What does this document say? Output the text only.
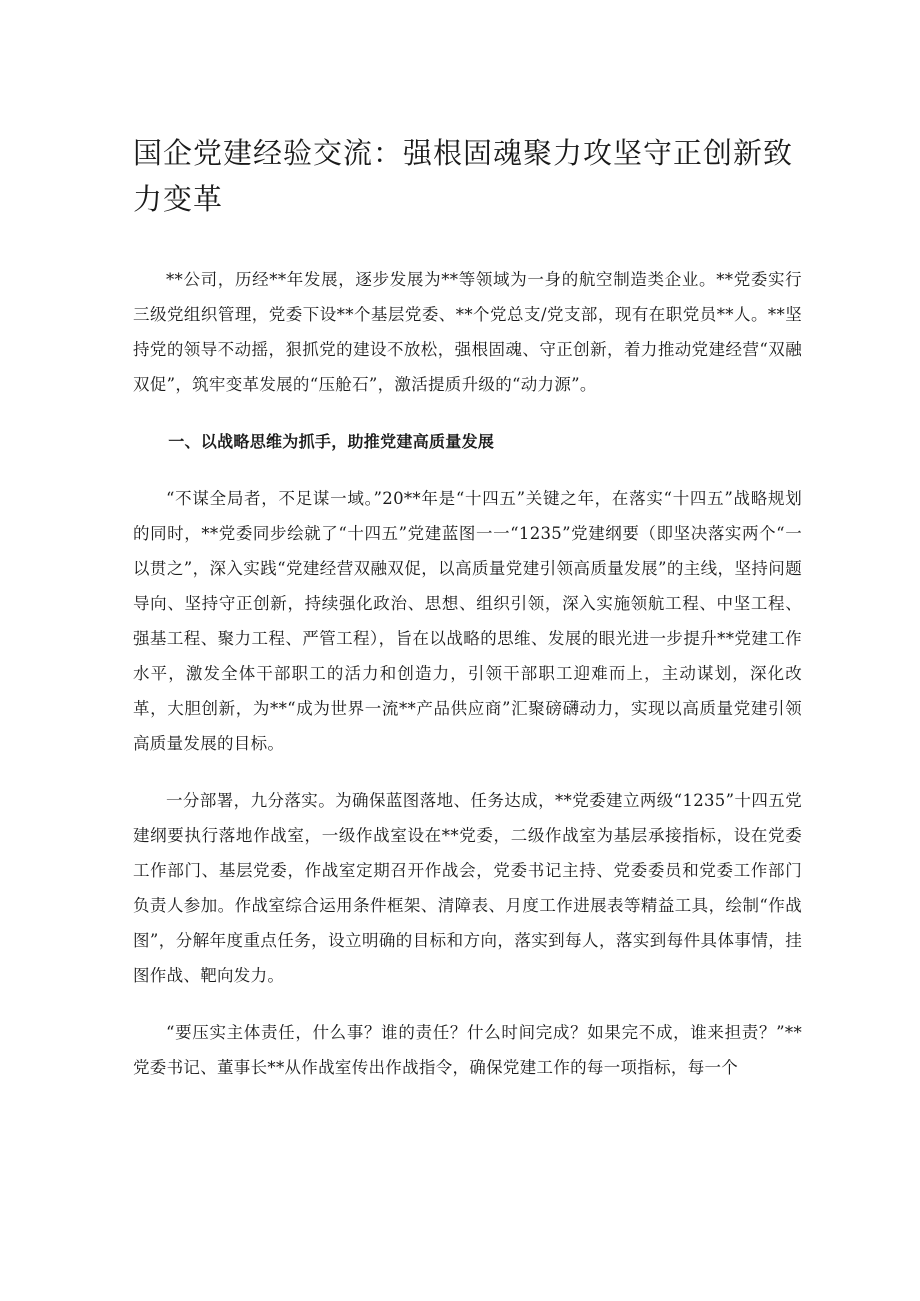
国企党建经验交流：强根固魂聚力攻坚守正创新致力变革

**公司，历经**年发展，逐步发展为**等领域为一身的航空制造类企业。**党委实行三级党组织管理，党委下设**个基层党委、**个党总支/党支部，现有在职党员**人。**坚持党的领导不动摇，狠抓党的建设不放松，强根固魂、守正创新，着力推动党建经营“双融双促”，筑牢变革发展的“压舱石”，激活提质升级的“动力源”。

一、以战略思维为抓手，助推党建高质量发展

“不谋全局者，不足谋一域。”20**年是“十四五”关键之年，在落实“十四五”战略规划的同时，**党委同步绘就了“十四五”党建蓝图一一“1235”党建纲要（即坚决落实两个“一以贯之”，深入实践“党建经营双融双促，以高质量党建引领高质量发展”的主线，坚持问题导向、坚持守正创新，持续强化政治、思想、组织引领，深入实施领航工程、中坚工程、强基工程、聚力工程、严管工程），旨在以战略的思维、发展的眼光进一步提升**党建工作水平，激发全体干部职工的活力和创造力，引领干部职工迎难而上，主动谋划，深化改革，大胆创新，为**“成为世界一流**产品供应商”汇聚磅礴动力，实现以高质量党建引领高质量发展的目标。

一分部署，九分落实。为确保蓝图落地、任务达成，**党委建立两级“1235”十四五党建纲要执行落地作战室，一级作战室设在**党委，二级作战室为基层承接指标，设在党委工作部门、基层党委，作战室定期召开作战会，党委书记主持、党委委员和党委工作部门负责人参加。作战室综合运用条件框架、清障表、月度工作进展表等精益工具，绘制“作战图”，分解年度重点任务，设立明确的目标和方向，落实到每人，落实到每件具体事情，挂图作战、靶向发力。

“要压实主体责任，什么事？谁的责任？什么时间完成？如果完不成，谁来担责？”**党委书记、董事长**从作战室传出作战指令，确保党建工作的每一项指标，每一个
